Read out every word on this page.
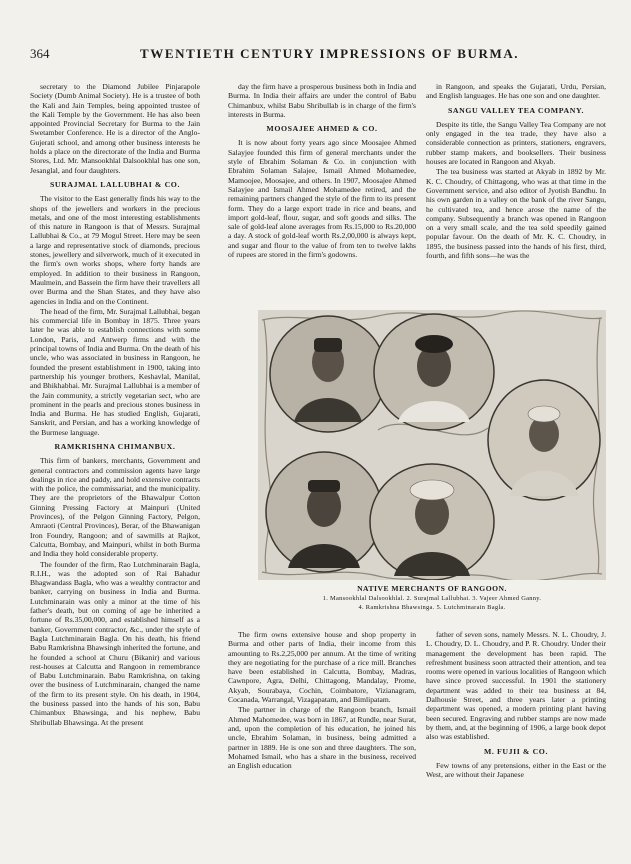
364	TWENTIETH CENTURY IMPRESSIONS OF BURMA.

secretary to the Diamond Jubilee Pinjarapole Society (Dumb Animal Society). He is a trustee of both the Kali and Jain Temples, being appointed trustee of the Kali Temple by the Government. He has also been appointed Provincial Secretary for Burma to the Jain Swetamber Conference. He is a director of the Anglo-Gujerati school, and among other business interests he holds a place on the directorate of the India and Burma Stores, Ltd. Mr. Mansookhlal Dalsookhlal has one son, Jesanglal, and four daughters.

SURAJMAL LALLUBHAI & CO.

The visitor to the East generally finds his way to the shops of the jewellers and workers in the precious metals, and one of the most interesting establishments of this nature in Rangoon is that of Messrs. Surajmal Lallubhai & Co., at 79 Mogul Street. Here may be seen a large and representative stock of diamonds, precious stones, jewellery and silverwork, much of it executed in the firm's own works shops, where forty hands are employed. In addition to their business in Rangoon, Maulmein, and Bassein the firm have their travellers all over Burma and the Shan States, and they have also agencies in India and on the Continent.

The head of the firm, Mr. Surajmal Lallubhai, began his commercial life in Bombay in 1875. Three years later he was able to establish connections with some London, Paris, and Antwerp firms and with the principal towns of India and Burma. On the death of his uncle, who was associated in business in Rangoon, he founded the present establishment in 1900, taking into partnership his younger brothers, Keshavlal, Manilal, and Bhikhabhai. Mr. Surajmal Lallubhai is a member of the Jain community, a strictly vegetarian sect, who are prominent in the pearls and precious stones business in India and Burma. He has studied English, Gujarati, Sanskrit, and Persian, and has a working knowledge of the Burmese language.

RAMKRISHNA CHIMANBUX.

This firm of bankers, merchants, Government and general contractors and commission agents have large dealings in rice and paddy, and hold extensive contracts with the police, the commissariat, and the municipality. They are the proprietors of the Bhawalpur Cotton Ginning Pressing Factory at Mainpuri (United Provinces), of the Pelgon Ginning Factory, Pelgon, Amraoti (Central Provinces), Berar, of the Bhawanigan Iron Foundry, Rangoon; and of sawmills at Rajkot, Calcutta, Bombay, and Mainpuri, whilst in both Burma and India they hold considerable property.

The founder of the firm, Rao Lutchminarain Bagla, R.I.H., was the adopted son of Rai Bahadur Bhagwandass Bagla, who was a wealthy contractor and banker, carrying on business in India and Burma. Lutchminarain was only a minor at the time of his father's death, but on coming of age he inherited a fortune of Rs.35,00,000, and established himself as a banker, Government contractor, &c., under the style of Bagla Lutchminarain Bagla. On his death, his friend Babu Ramkrishna Bhawsingh inherited the fortune, and he founded a school at Churu (Bikanir) and various rest-houses at Calcutta and Rangoon in remembrance of Babu Lutchminarain. Babu Ramkrishna, on taking over the business of Lutchminarain, changed the name of the firm to its present style. On his death, in 1904, the business passed into the hands of his son, Babu Chimanbux Bhawsinga, and his nephew, Babu Shribullab Bhawsinga. At the present

day the firm have a prosperous business both in India and Burma. In India their affairs are under the control of Babu Chimanbux, whilst Babu Shribullab is in charge of the firm's interests in Burma.

MOOSAJEE AHMED & CO.

It is now about forty years ago since Moosajee Ahmed Salayjee founded this firm of general merchants under the style of Ebrahim Solaman & Co. in conjunction with Ebrahim Solaman Salajee, Ismail Ahmed Mohamedee, Mamoojee, Moosajee, and others. In 1907, Moosajee Ahmed Salayjee and Ismail Ahmed Mohamedee retired, and the remaining partners changed the style of the firm to its present form. They do a large export trade in rice and beans, and import gold-leaf, flour, sugar, and soft goods and silks. The sale of gold-leaf alone averages from Rs.15,000 to Rs.20,000 a day. A stock of gold-leaf worth Rs.2,00,000 is always kept, and sugar and flour to the value of from ten to twelve lakhs of rupees are stored in the firm's godowns.

in Rangoon, and speaks the Gujarati, Urdu, Persian, and English languages. He has one son and one daughter.

SANGU VALLEY TEA COMPANY.

Despite its title, the Sangu Valley Tea Company are not only engaged in the tea trade, they have also a considerable connection as printers, stationers, engravers, rubber stamp makers, and booksellers. Their business houses are located in Rangoon and Akyab.

The tea business was started at Akyab in 1892 by Mr. K. C. Choudry, of Chittagong, who was at that time in the Government service, and also editor of Jyotish Bandhu. In his own garden in a valley on the bank of the river Sangu, he cultivated tea, and hence arose the name of the company. Subsequently a branch was opened in Rangoon on a very small scale, and the tea sold speedily gained popular favour. On the death of Mr. K. C. Choudry, in 1895, the business passed into the hands of his first, third, fourth, and fifth sons—he was the

NATIVE MERCHANTS OF RANGOON.
1. Mansookhlal Dalsookhlal. 2. Surajmal Lallubhai. 3. Vajeer Ahmed Ganny.
4. Ramkrishna Bhawsinga. 5. Lutchminarain Bagla.

The firm owns extensive house and shop property in Burma and other parts of India, their income from this amounting to Rs.2,25,000 per annum. At the time of writing they are negotiating for the purchase of a rice mill. Branches have been established in Calcutta, Bombay, Madras, Cawnpore, Agra, Delhi, Chittagong, Mandalay, Prome, Akyab, Sourabaya, Cochin, Coimbatore, Vizianagram, Cocanada, Warrangal, Vizagapatam, and Bimlipatam.

The partner in charge of the Rangoon branch, Ismail Ahmed Mahomedee, was born in 1867, at Rundle, near Surat, and, upon the completion of his education, he joined his uncle, Ebrahim Solaman, in business, being admitted a partner in 1889. He is one son and three daughters. The son, Mohamed Ismail, who has a share in the business, received an English education

father of seven sons, namely Messrs. N. L. Choudry, J. L. Choudry, D. L. Choudry, and P. R. Choudry. Under their management the development has been rapid. The refreshment business soon attracted their attention, and tea rooms were opened in various localities of Rangoon which have since proved successful. In 1901 the stationery department was added to their tea business at 84, Dalhousie Street, and three years later a printing department was opened, a modern printing plant having been secured. Engraving and rubber stamps are now made by them, and, at the beginning of 1906, a large book depot also was established.

M. FUJII & CO.

Few towns of any pretensions, either in the East or the West, are without their Japanese
